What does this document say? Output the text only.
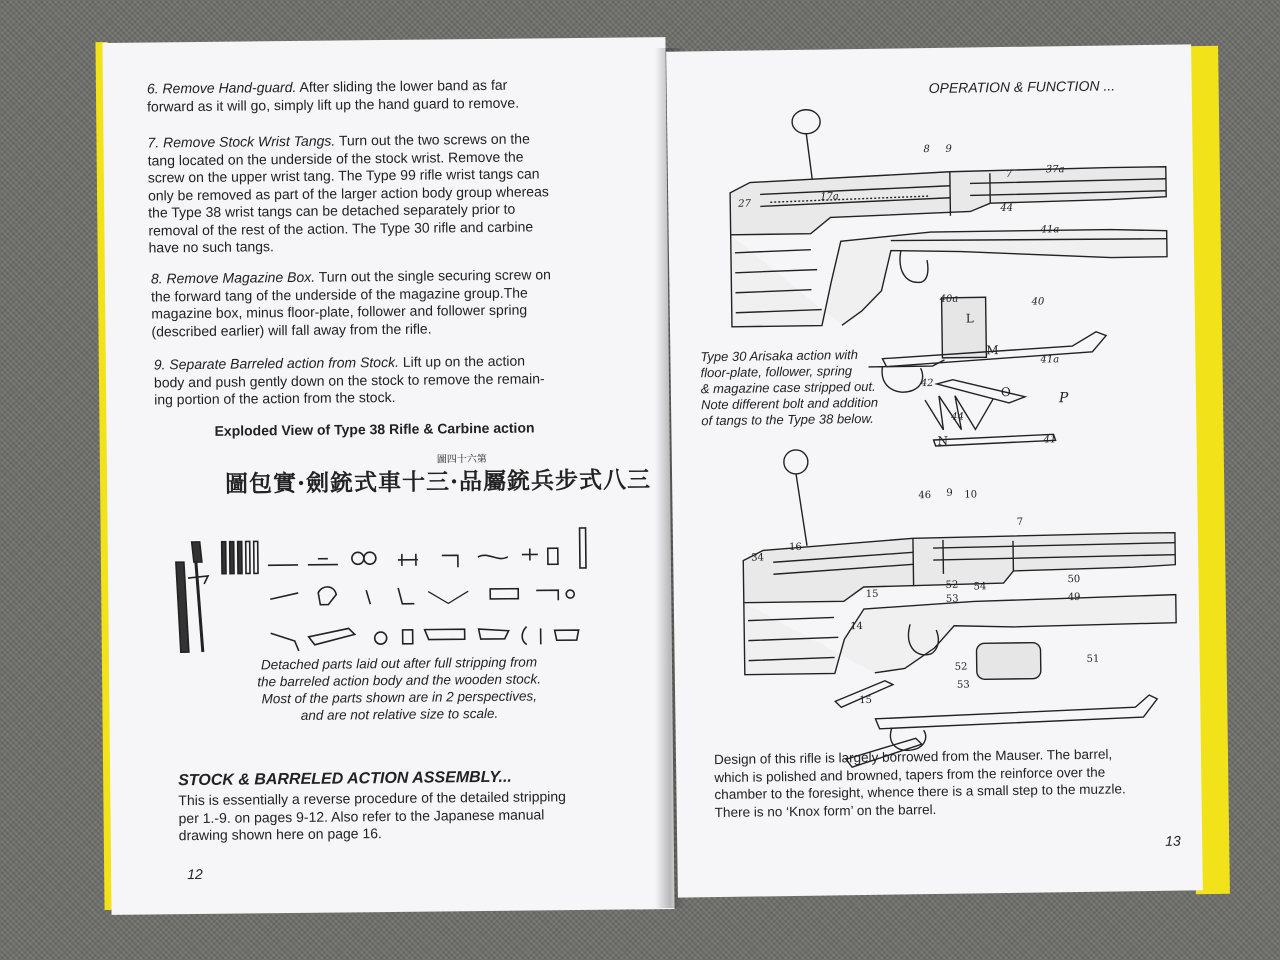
6. Remove Hand-guard. After sliding the lower band as far
forward as it will go, simply lift up the hand guard to remove.

7. Remove Stock Wrist Tangs. Turn out the two screws on the
tang located on the underside of the stock wrist. Remove the
screw on the upper wrist tang. The Type 99 rifle wrist tangs can
only be removed as part of the larger action body group whereas
the Type 38 wrist tangs can be detached separately prior to
removal of the rest of the action. The Type 30 rifle and carbine
have no such tangs.

8. Remove Magazine Box. Turn out the single securing screw on
the forward tang of the underside of the magazine group.The
magazine box, minus floor-plate, follower and follower spring
(described earlier) will fall away from the rifle.

9. Separate Barreled action from Stock. Lift up on the action
body and push gently down on the stock to remove the remain-
ing portion of the action from the stock.

Exploded View of Type 38 Rifle & Carbine action
圖四十六第
圖包實·劍銃式車十三·品屬銃兵步式八三
Detached parts laid out after full stripping from
the barreled action body and the wooden stock.
Most of the parts shown are in 2 perspectives,
and are not relative size to scale.
STOCK & BARRELED ACTION ASSEMBLY...

This is essentially a reverse procedure of the detailed stripping
per 1.-9. on pages 9-12. Also refer to the Japanese manual
drawing shown here on page 16.

12
OPERATION & FUNCTION ...
8 9
7	37a
27
17a
44
41a
40a	40
L
M
41a
42
O	P
44
N	41
Type 30 Arisaka action with
floor-plate, follower, spring
& magazine case stripped out.
Note different bolt and addition
of tangs to the Type 38 below.
46 9 10
7
34
16
15
52 54
50
53	49
14
52
51
53
15

Design of this rifle is largely borrowed from the Mauser. The barrel,
which is polished and browned, tapers from the reinforce over the
chamber to the foresight, whence there is a small step to the muzzle.
There is no ‘Knox form’ on the barrel.

13
